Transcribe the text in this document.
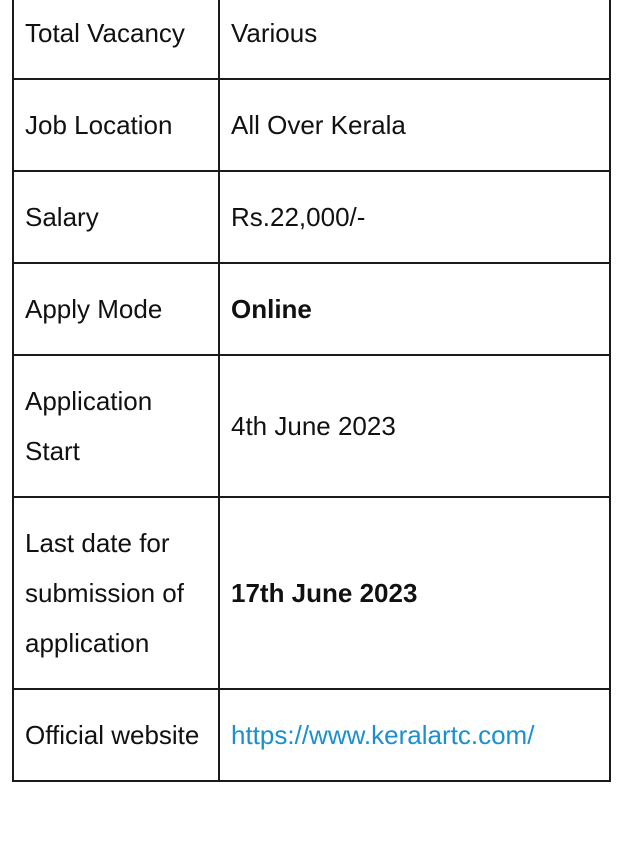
Total Vacancy	Various
Job Location	All Over Kerala
Salary	Rs.22,000/-
Apply Mode	Online
Application Start	4th June 2023
Last date for submission of application	17th June 2023
Official website	https://www.keralartc.com/
